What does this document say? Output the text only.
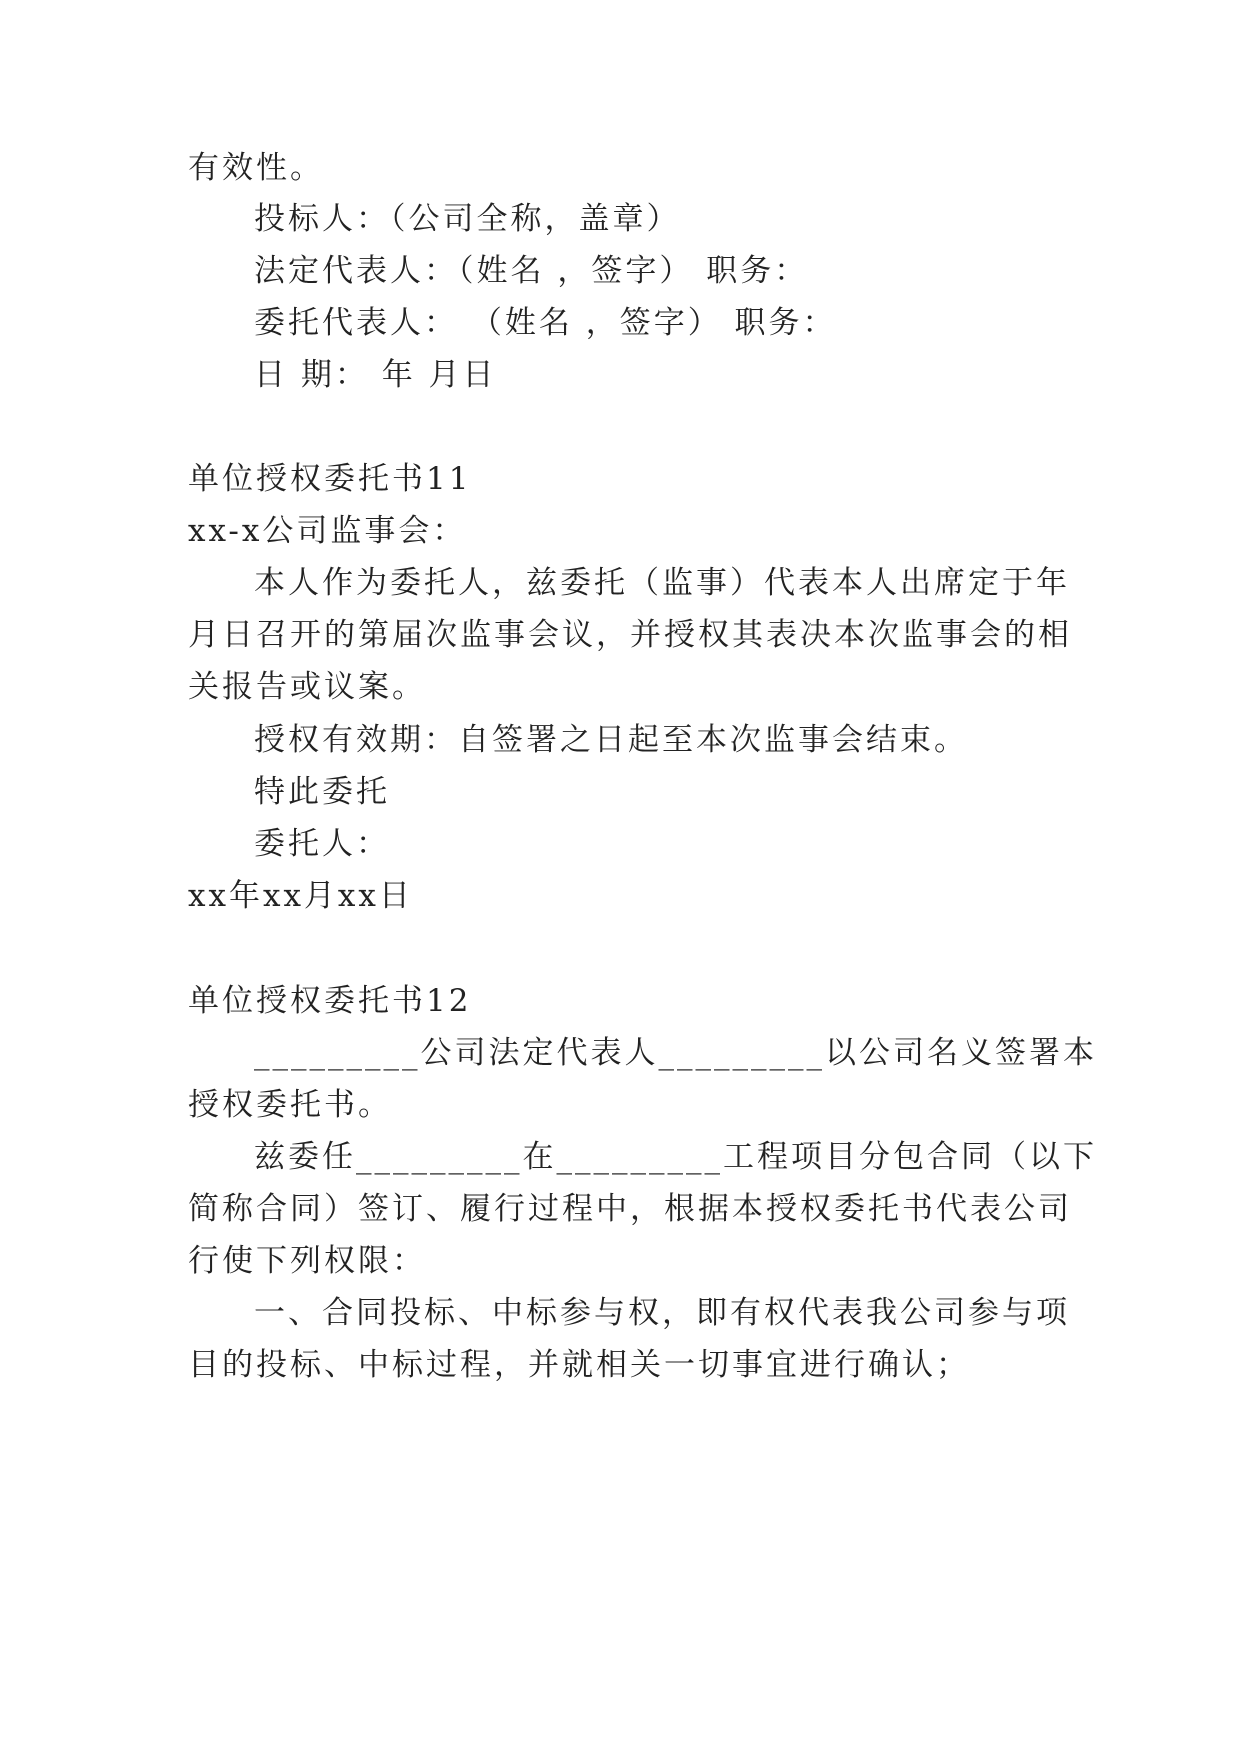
有效性。
投标人：（公司全称，盖章）
法定代表人：（姓名 ，签字） 职务：
委托代表人： （姓名 ，签字） 职务：
日 期： 年 月日
单位授权委托书11
xx-x公司监事会：
本人作为委托人，兹委托（监事）代表本人出席定于年
月日召开的第届次监事会议，并授权其表决本次监事会的相
关报告或议案。
授权有效期：自签署之日起至本次监事会结束。
特此委托
委托人：
xx年xx月xx日
单位授权委托书12
_________公司法定代表人_________以公司名义签署本
授权委托书。
兹委任_________在_________工程项目分包合同（以下
简称合同）签订、履行过程中，根据本授权委托书代表公司
行使下列权限：
一、合同投标、中标参与权，即有权代表我公司参与项
目的投标、中标过程，并就相关一切事宜进行确认；
